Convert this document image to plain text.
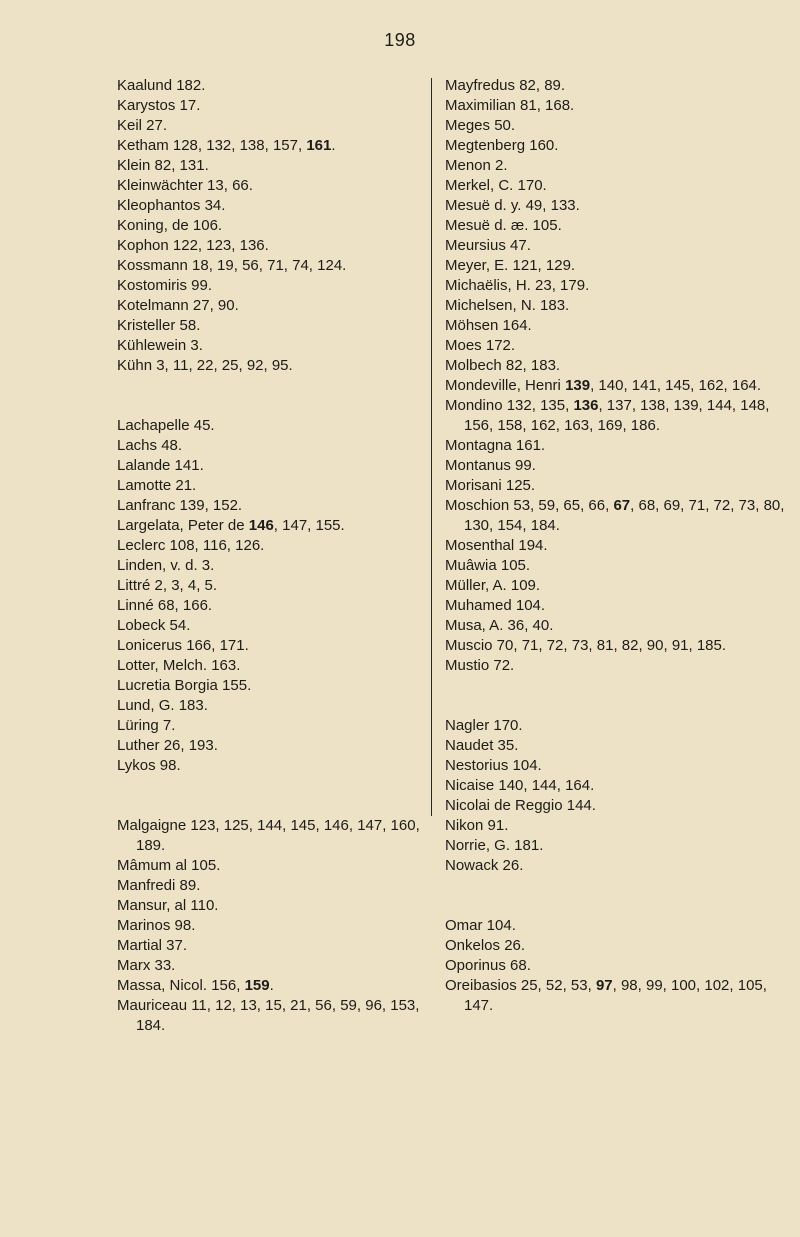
198
Kaalund 182.
Karystos 17.
Keil 27.
Ketham 128, 132, 138, 157, 161.
Klein 82, 131.
Kleinwächter 13, 66.
Kleophantos 34.
Koning, de 106.
Kophon 122, 123, 136.
Kossmann 18, 19, 56, 71, 74, 124.
Kostomiris 99.
Kotelmann 27, 90.
Kristeller 58.
Kühlewein 3.
Kühn 3, 11, 22, 25, 92, 95.
Lachapelle 45.
Lachs 48.
Lalande 141.
Lamotte 21.
Lanfranc 139, 152.
Largelata, Peter de 146, 147, 155.
Leclerc 108, 116, 126.
Linden, v. d. 3.
Littré 2, 3, 4, 5.
Linné 68, 166.
Lobeck 54.
Lonicerus 166, 171.
Lotter, Melch. 163.
Lucretia Borgia 155.
Lund, G. 183.
Lüring 7.
Luther 26, 193.
Lykos 98.
Malgaigne 123, 125, 144, 145, 146, 147, 160, 189.
Mâmum al 105.
Manfredi 89.
Mansur, al 110.
Marinos 98.
Martial 37.
Marx 33.
Massa, Nicol. 156, 159.
Mauriceau 11, 12, 13, 15, 21, 56, 59, 96, 153, 184.
Mayfredus 82, 89.
Maximilian 81, 168.
Meges 50.
Megtenberg 160.
Menon 2.
Merkel, C. 170.
Mesuë d. y. 49, 133.
Mesuë d. æ. 105.
Meursius 47.
Meyer, E. 121, 129.
Michaëlis, H. 23, 179.
Michelsen, N. 183.
Möhsen 164.
Moes 172.
Molbech 82, 183.
Mondeville, Henri 139, 140, 141, 145, 162, 164.
Mondino 132, 135, 136, 137, 138, 139, 144, 148, 156, 158, 162, 163, 169, 186.
Montagna 161.
Montanus 99.
Morisani 125.
Moschion 53, 59, 65, 66, 67, 68, 69, 71, 72, 73, 80, 130, 154, 184.
Mosenthal 194.
Muâwia 105.
Müller, A. 109.
Muhamed 104.
Musa, A. 36, 40.
Muscio 70, 71, 72, 73, 81, 82, 90, 91, 185.
Mustio 72.
Nagler 170.
Naudet 35.
Nestorius 104.
Nicaise 140, 144, 164.
Nicolai de Reggio 144.
Nikon 91.
Norrie, G. 181.
Nowack 26.
Omar 104.
Onkelos 26.
Oporinus 68.
Oreibasios 25, 52, 53, 97, 98, 99, 100, 102, 105, 147.
